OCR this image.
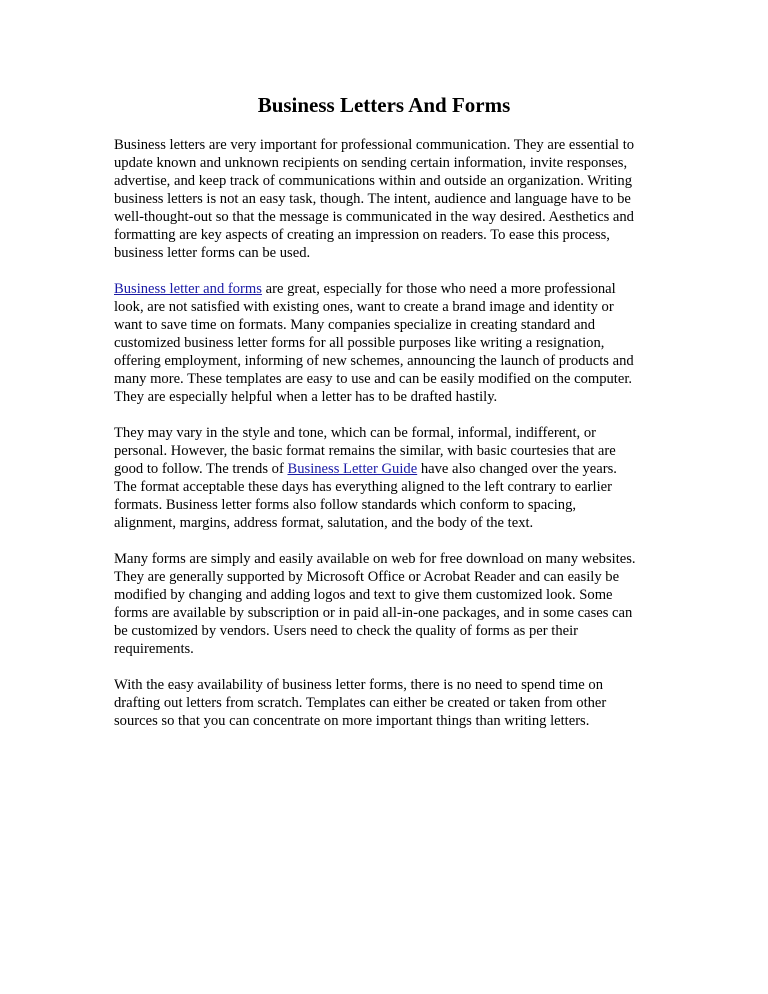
Business Letters And Forms

Business letters are very important for professional communication. They are essential to
update known and unknown recipients on sending certain information, invite responses,
advertise, and keep track of communications within and outside an organization. Writing
business letters is not an easy task, though. The intent, audience and language have to be
well-thought-out so that the message is communicated in the way desired. Aesthetics and
formatting are key aspects of creating an impression on readers. To ease this process,
business letter forms can be used.

Business letter and forms are great, especially for those who need a more professional
look, are not satisfied with existing ones, want to create a brand image and identity or
want to save time on formats. Many companies specialize in creating standard and
customized business letter forms for all possible purposes like writing a resignation,
offering employment, informing of new schemes, announcing the launch of products and
many more. These templates are easy to use and can be easily modified on the computer.
They are especially helpful when a letter has to be drafted hastily.

They may vary in the style and tone, which can be formal, informal, indifferent, or
personal. However, the basic format remains the similar, with basic courtesies that are
good to follow. The trends of Business Letter Guide have also changed over the years.
The format acceptable these days has everything aligned to the left contrary to earlier
formats. Business letter forms also follow standards which conform to spacing,
alignment, margins, address format, salutation, and the body of the text.

Many forms are simply and easily available on web for free download on many websites.
They are generally supported by Microsoft Office or Acrobat Reader and can easily be
modified by changing and adding logos and text to give them customized look. Some
forms are available by subscription or in paid all-in-one packages, and in some cases can
be customized by vendors. Users need to check the quality of forms as per their
requirements.

With the easy availability of business letter forms, there is no need to spend time on
drafting out letters from scratch. Templates can either be created or taken from other
sources so that you can concentrate on more important things than writing letters.
